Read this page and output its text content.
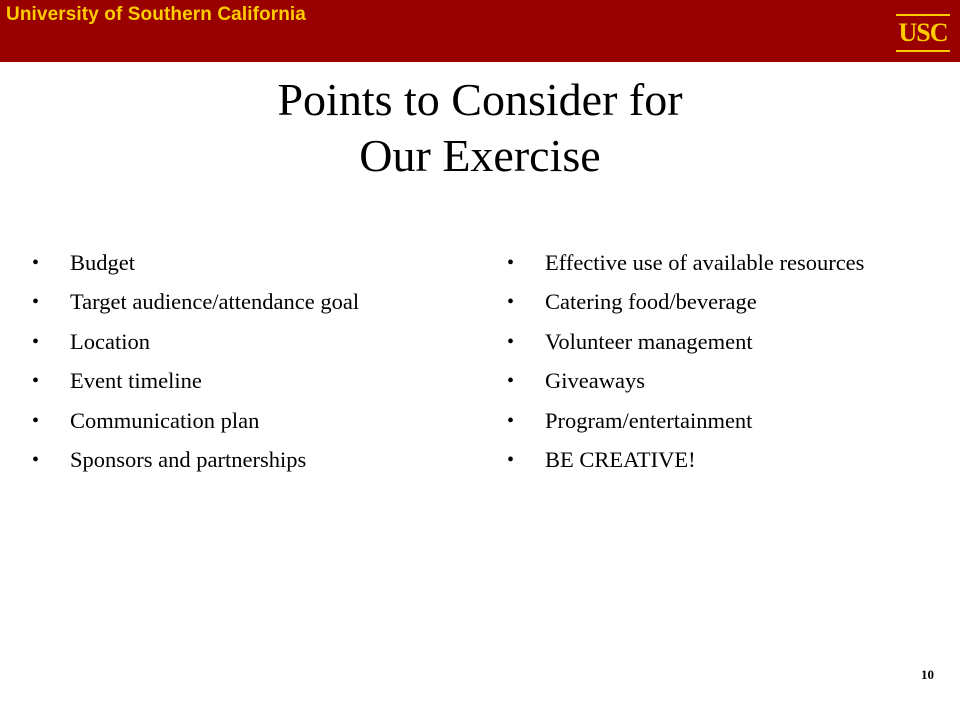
University of Southern California
USC
Points to Consider for
Our Exercise
• Budget
• Target audience/attendance goal
• Location
• Event timeline
• Communication plan
• Sponsors and partnerships
• Effective use of available resources
• Catering food/beverage
• Volunteer management
• Giveaways
• Program/entertainment
• BE CREATIVE!
10
